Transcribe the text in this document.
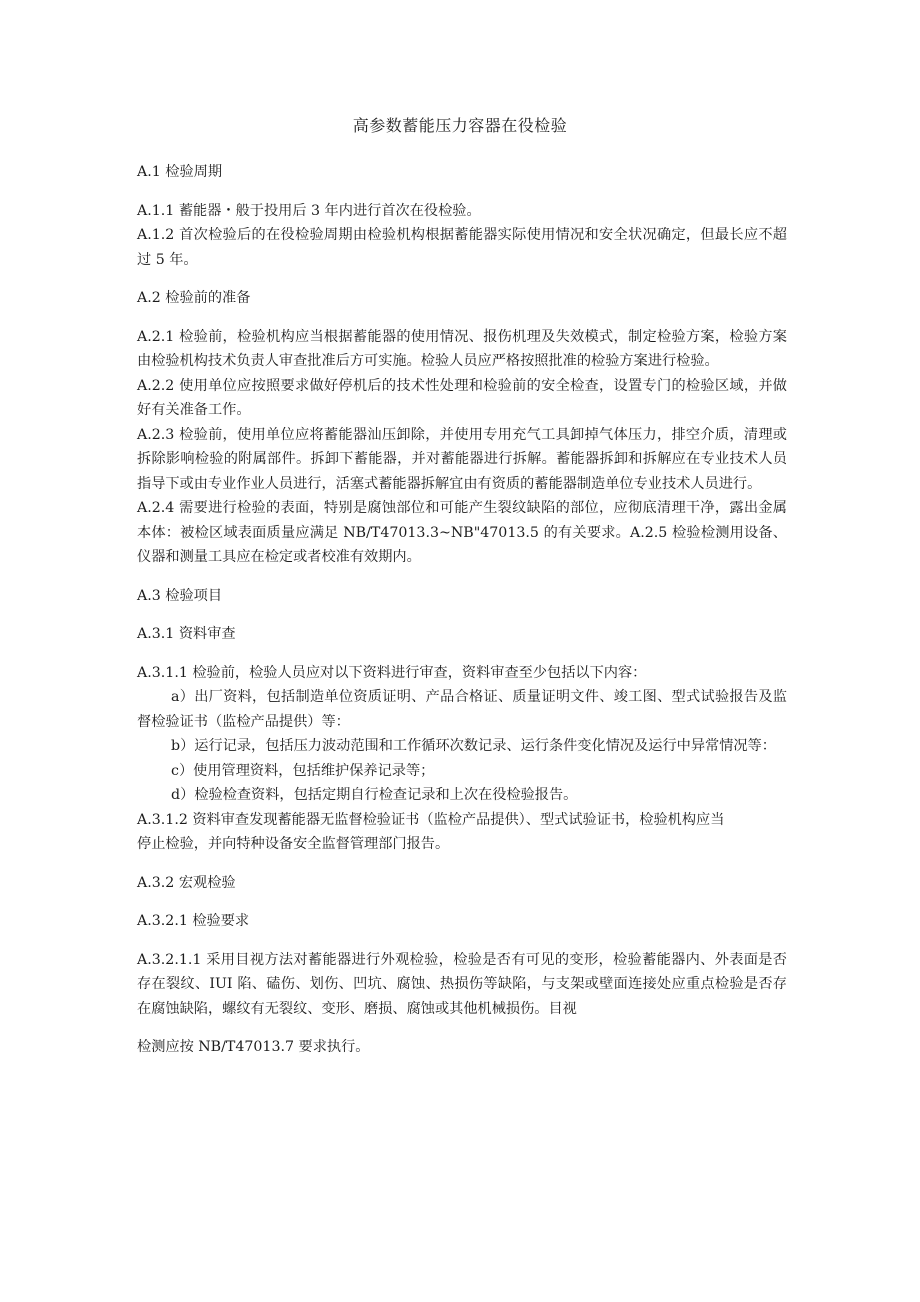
高参数蓄能压力容器在役检验

A.1 检验周期

A.1.1 蓄能器・般于投用后 3 年内进行首次在役检验。

A.1.2 首次检验后的在役检验周期由检验机构根据蓄能器实际使用情况和安全状况确定，但最长应不超过 5 年。

A.2 检验前的准备

A.2.1 检验前，检验机构应当根据蓄能器的使用情况、报伤机理及失效模式，制定检验方案，检验方案由检验机构技术负责人审查批准后方可实施。检验人员应严格按照批准的检验方案进行检验。

A.2.2 使用单位应按照要求做好停机后的技术性处理和检验前的安全检查，设置专门的检验区域，并做好有关准备工作。

A.2.3 检验前，使用单位应将蓄能器汕压卸除，并使用专用充气工具卸掉气体压力，排空介质，清理或拆除影响检验的附属部件。拆卸下蓄能器，并对蓄能器进行拆解。蓄能器拆卸和拆解应在专业技术人员指导下或由专业作业人员进行，活塞式蓄能器拆解宜由有资质的蓄能器制造单位专业技术人员进行。

A.2.4 需要进行检验的表面，特别是腐蚀部位和可能产生裂纹缺陷的部位，应彻底清理干净，露出金属本体：被检区域表面质量应满足 NB/T47013.3~NB"47013.5 的有关要求。A.2.5 检验检测用设备、仪器和测量工具应在检定或者校准有效期内。

A.3 检验项目

A.3.1 资料审查

A.3.1.1 检验前，检验人员应对以下资料进行审查，资料审查至少包括以下内容：

a）出厂资料，包括制造单位资质证明、产品合格证、质量证明文件、竣工图、型式试验报告及监督检验证书（监检产品提供）等：

b）运行记录，包括压力波动范围和工作循环次数记录、运行条件变化情况及运行中异常情况等：

c）使用管理资料，包括维护保养记录等；

d）检验检查资料，包括定期自行检查记录和上次在役检验报告。

A.3.1.2 资料审查发现蓄能器无监督检验证书（监检产品提供）、型式试验证书，检验机构应当

停止检验，并向特种设备安全监督管理部门报告。

A.3.2 宏观检验

A.3.2.1 检验要求

A.3.2.1.1 采用目视方法对蓄能器进行外观检验，检验是否有可见的变形，检验蓄能器内、外表面是否存在裂纹、IUI 陷、磕伤、划伤、凹坑、腐蚀、热损伤等缺陷，与支架或壁面连接处应重点检验是否存在腐蚀缺陷，螺纹有无裂纹、变形、磨损、腐蚀或其他机械损伤。目视

检测应按 NB/T47013.7 要求执行。
